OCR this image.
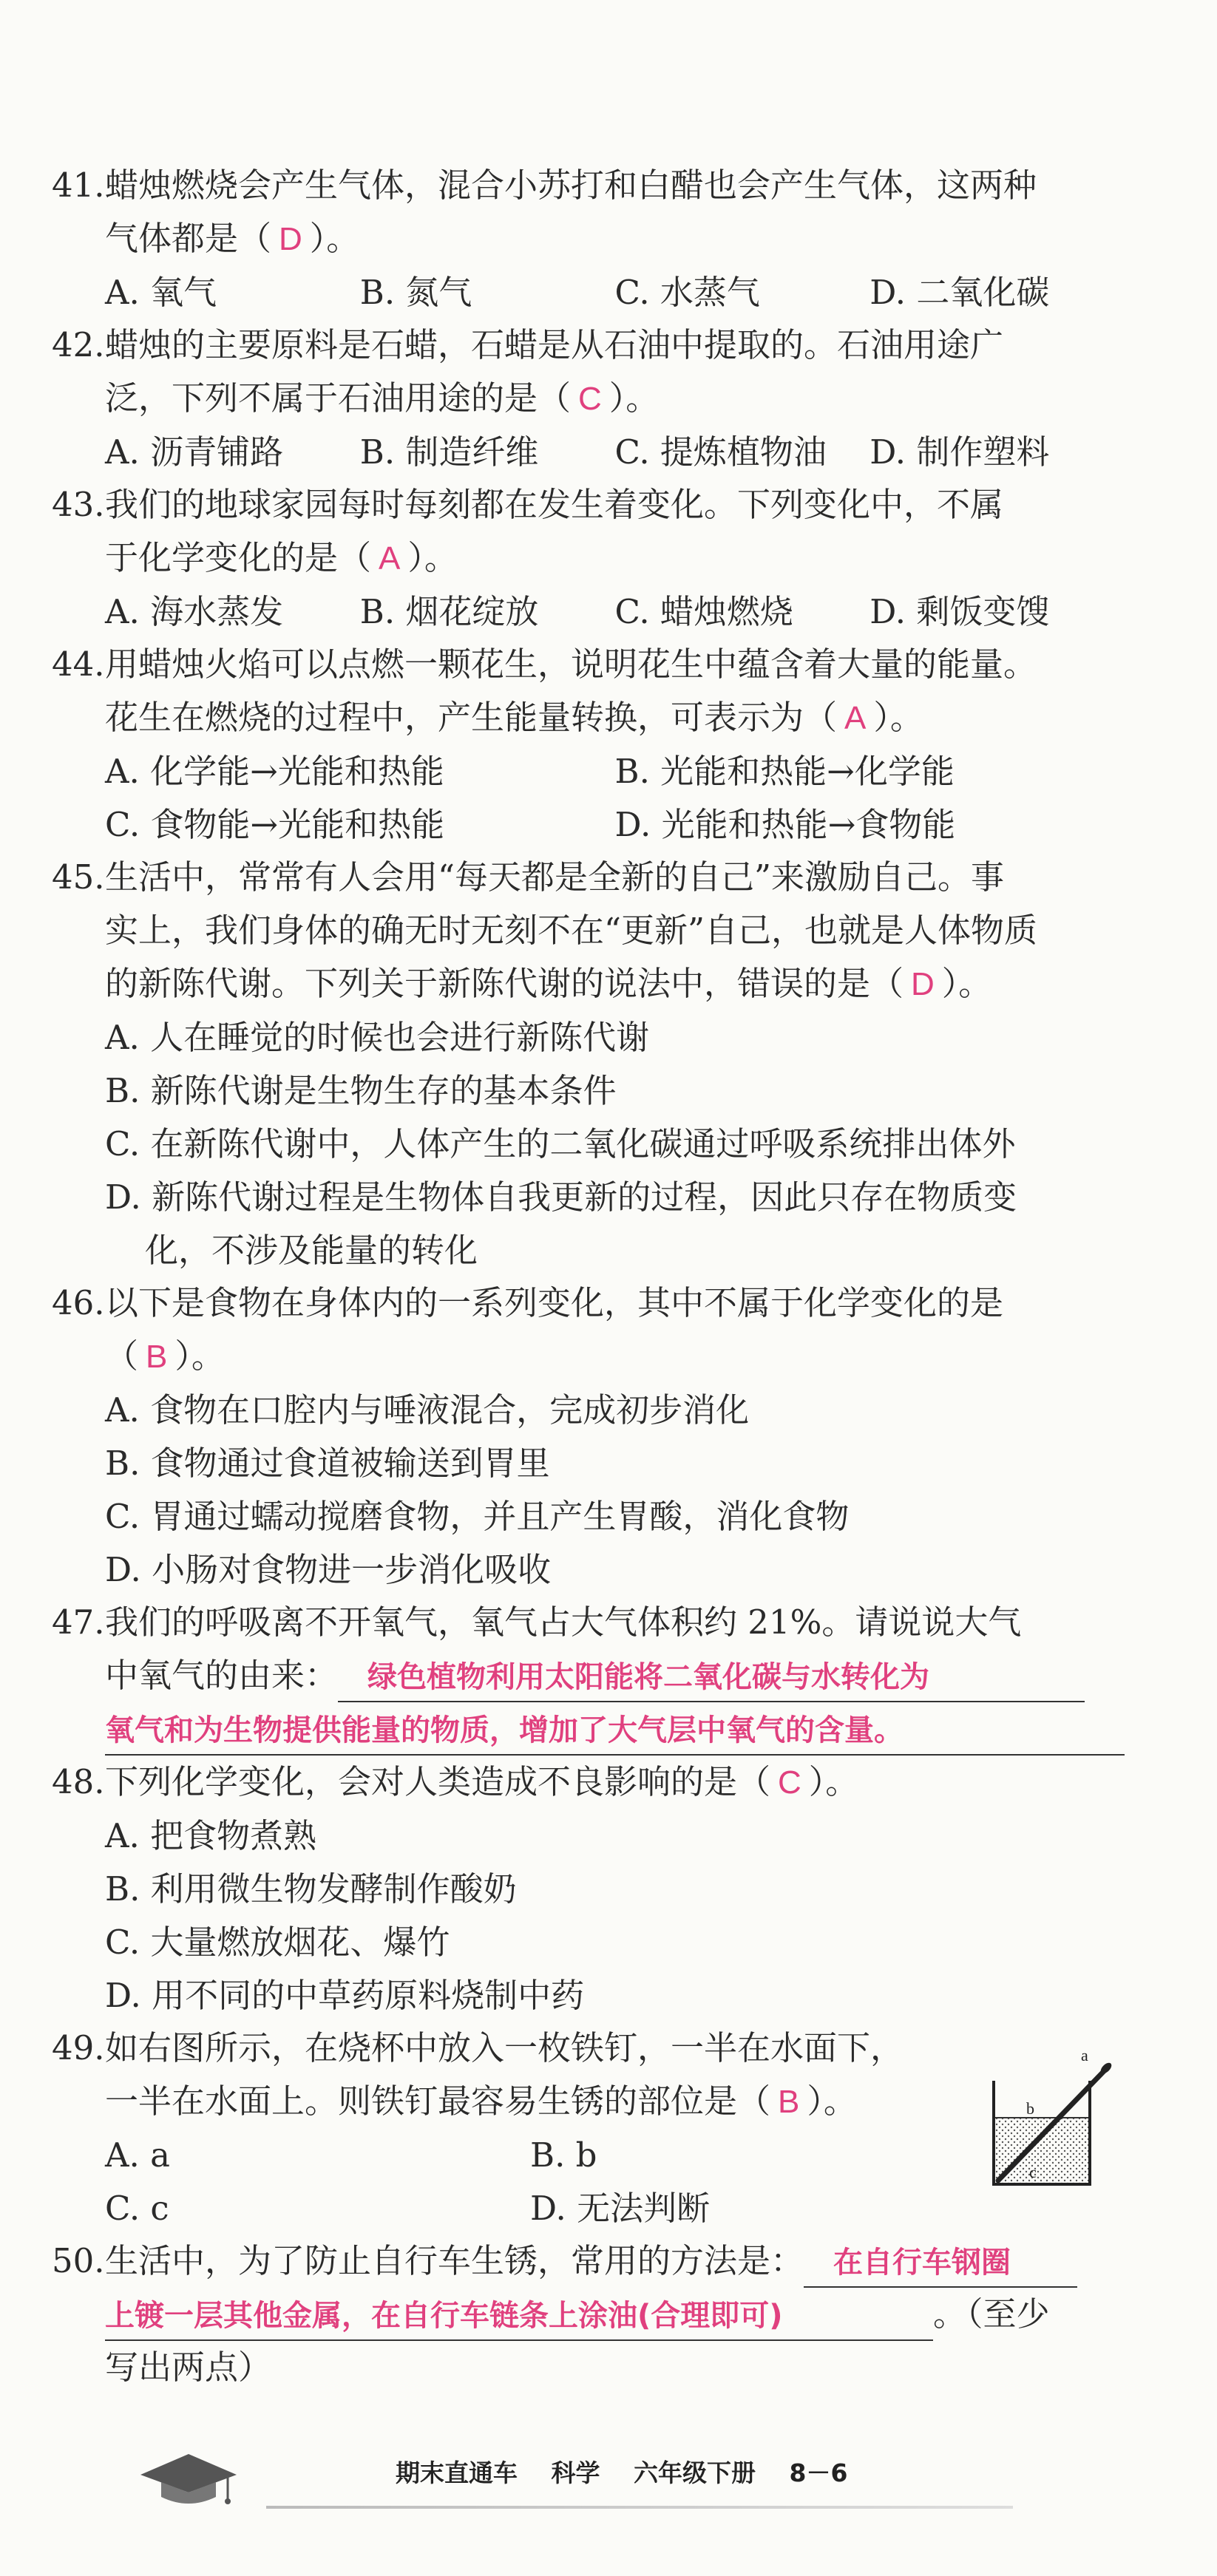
41.蜡烛燃烧会产生气体，混合小苏打和白醋也会产生气体，这两种
气体都是（ D ）。
A. 氧气	B. 氮气	C. 水蒸气	D. 二氧化碳
42.蜡烛的主要原料是石蜡，石蜡是从石油中提取的。石油用途广
泛，下列不属于石油用途的是（ C ）。
A. 沥青铺路	B. 制造纤维	C. 提炼植物油	D. 制作塑料
43.我们的地球家园每时每刻都在发生着变化。下列变化中，不属
于化学变化的是（ A ）。
A. 海水蒸发	B. 烟花绽放	C. 蜡烛燃烧	D. 剩饭变馊
44.用蜡烛火焰可以点燃一颗花生，说明花生中蕴含着大量的能量。
花生在燃烧的过程中，产生能量转换，可表示为（ A ）。
A. 化学能→光能和热能	B. 光能和热能→化学能
C. 食物能→光能和热能	D. 光能和热能→食物能
45.生活中，常常有人会用“每天都是全新的自己”来激励自己。事
实上，我们身体的确无时无刻不在“更新”自己，也就是人体物质
的新陈代谢。下列关于新陈代谢的说法中，错误的是（ D ）。
A. 人在睡觉的时候也会进行新陈代谢
B. 新陈代谢是生物生存的基本条件
C. 在新陈代谢中，人体产生的二氧化碳通过呼吸系统排出体外
D. 新陈代谢过程是生物体自我更新的过程，因此只存在物质变
化，不涉及能量的转化
46.以下是食物在身体内的一系列变化，其中不属于化学变化的是
（ B ）。
A. 食物在口腔内与唾液混合，完成初步消化
B. 食物通过食道被输送到胃里
C. 胃通过蠕动搅磨食物，并且产生胃酸，消化食物
D. 小肠对食物进一步消化吸收
47.我们的呼吸离不开氧气，氧气占大气体积约 21%。请说说大气
中氧气的由来： 绿色植物利用太阳能将二氧化碳与水转化为
氧气和为生物提供能量的物质，增加了大气层中氧气的含量。
48.下列化学变化，会对人类造成不良影响的是（ C ）。
A. 把食物煮熟
B. 利用微生物发酵制作酸奶
C. 大量燃放烟花、爆竹
D. 用不同的中草药原料烧制中药
49.如右图所示，在烧杯中放入一枚铁钉，一半在水面下，
一半在水面上。则铁钉最容易生锈的部位是（ B ）。
A. a	B. b
C. c	D. 无法判断
a
b
c
50.生活中，为了防止自行车生锈，常用的方法是： 在自行车钢圈
上镀一层其他金属，在自行车链条上涂油(合理即可)	。（至少
写出两点）
期末直通车 科学 六年级下册 8－6
